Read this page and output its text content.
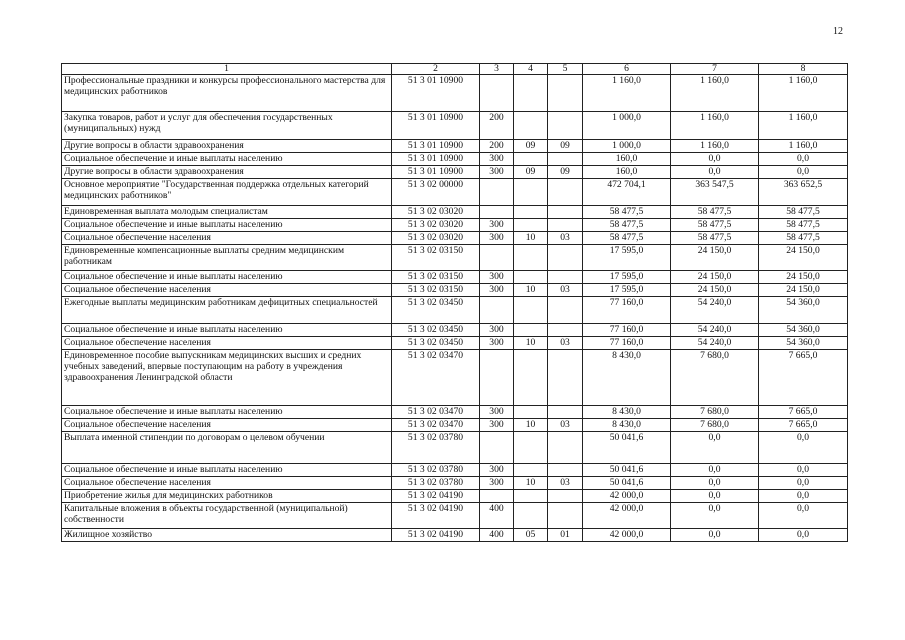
12
1	2	3	4	5	6	7	8
Профессиональные праздники и конкурсы профессионального мастерства для медицинских работников	51 3 01 10900				1 160,0	1 160,0	1 160,0
Закупка товаров, работ и услуг для обеспечения государственных (муниципальных) нужд	51 3 01 10900	200			1 000,0	1 160,0	1 160,0
Другие вопросы в области здравоохранения	51 3 01 10900	200	09	09	1 000,0	1 160,0	1 160,0
Социальное обеспечение и иные выплаты населению	51 3 01 10900	300			160,0	0,0	0,0
Другие вопросы в области здравоохранения	51 3 01 10900	300	09	09	160,0	0,0	0,0
Основное мероприятие "Государственная поддержка отдельных категорий медицинских работников"	51 3 02 00000				472 704,1	363 547,5	363 652,5
Единовременная выплата молодым специалистам	51 3 02 03020				58 477,5	58 477,5	58 477,5
Социальное обеспечение и иные выплаты населению	51 3 02 03020	300			58 477,5	58 477,5	58 477,5
Социальное обеспечение населения	51 3 02 03020	300	10	03	58 477,5	58 477,5	58 477,5
Единовременные компенсационные выплаты средним медицинским работникам	51 3 02 03150				17 595,0	24 150,0	24 150,0
Социальное обеспечение и иные выплаты населению	51 3 02 03150	300			17 595,0	24 150,0	24 150,0
Социальное обеспечение населения	51 3 02 03150	300	10	03	17 595,0	24 150,0	24 150,0
Ежегодные выплаты медицинским работникам дефицитных специальностей	51 3 02 03450				77 160,0	54 240,0	54 360,0
Социальное обеспечение и иные выплаты населению	51 3 02 03450	300			77 160,0	54 240,0	54 360,0
Социальное обеспечение населения	51 3 02 03450	300	10	03	77 160,0	54 240,0	54 360,0
Единовременное пособие выпускникам медицинских высших и средних учебных заведений, впервые поступающим на работу в учреждения здравоохранения Ленинградской области	51 3 02 03470				8 430,0	7 680,0	7 665,0
Социальное обеспечение и иные выплаты населению	51 3 02 03470	300			8 430,0	7 680,0	7 665,0
Социальное обеспечение населения	51 3 02 03470	300	10	03	8 430,0	7 680,0	7 665,0
Выплата именной стипендии по договорам о целевом обучении	51 3 02 03780				50 041,6	0,0	0,0
Социальное обеспечение и иные выплаты населению	51 3 02 03780	300			50 041,6	0,0	0,0
Социальное обеспечение населения	51 3 02 03780	300	10	03	50 041,6	0,0	0,0
Приобретение жилья для медицинских работников	51 3 02 04190				42 000,0	0,0	0,0
Капитальные вложения в объекты государственной (муниципальной) собственности	51 3 02 04190	400			42 000,0	0,0	0,0
Жилищное хозяйство	51 3 02 04190	400	05	01	42 000,0	0,0	0,0
